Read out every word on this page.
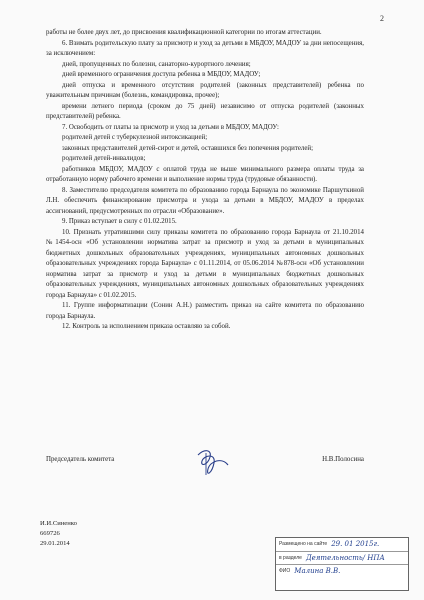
2

работы не более двух лет, до присвоения квалификационной категории по итогам аттестации.

6. Взимать родительскую плату за присмотр и уход за детьми в МБДОУ, МАДОУ за дни непосещения, за исключением:

дней, пропущенных по болезни, санаторно-курортного лечения;

дней временного ограничения доступа ребенка в МБДОУ, МАДОУ;

дней отпуска и временного отсутствия родителей (законных представителей) ребенка по уважительным причинам (болезнь, командировка, прочее);

времени летнего периода (сроком до 75 дней) независимо от отпуска родителей (законных представителей) ребенка.

7. Освободить от платы за присмотр и уход за детьми в МБДОУ, МАДОУ:

родителей детей с туберкулезной интоксикацией;

законных представителей детей-сирот и детей, оставшихся без попечения родителей;

родителей детей-инвалидов;

работников МБДОУ, МАДОУ с оплатой труда не выше минимального размера оплаты труда за отработанную норму рабочего времени и выполнение нормы труда (трудовые обязанности).

8. Заместителю председателя комитета по образованию города Барнаула по экономике Паршуткиной Л.Н. обеспечить финансирование присмотра и ухода за детьми в МБДОУ, МАДОУ в пределах ассигнований, предусмотренных по отрасли «Образование».

9. Приказ вступает в силу с 01.02.2015.

10. Признать утратившими силу приказы комитета по образованию города Барнаула от 21.10.2014 №1454-осн «Об установлении норматива затрат за присмотр и уход за детьми в муниципальных бюджетных дошкольных образовательных учреждениях, муниципальных автономных дошкольных образовательных учреждениях города Барнаула» с 01.11.2014, от 05.06.2014 №878-осн «Об установлении норматива затрат за присмотр и уход за детьми в муниципальных бюджетных дошкольных образовательных учреждениях, муниципальных автономных дошкольных образовательных учреждениях города Барнаула» с 01.02.2015.

11. Группе информатизации (Сонин А.Н.) разместить приказ на сайте комитета по образованию города Барнаула.

12. Контроль за исполнением приказа оставляю за собой.

Председатель комитета	Н.В.Полосина
И.И.Синенко
669726
29.01.2014	Размещено на сайте 29. 01 2015г.
в разделе Деятельность/ НПА
ФИО Малина В.В.
